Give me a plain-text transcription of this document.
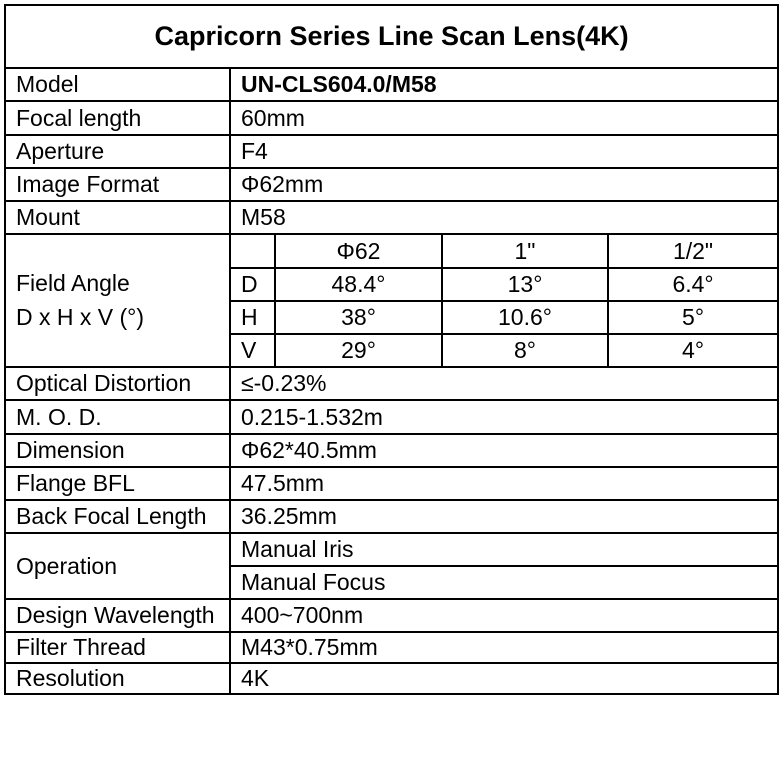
Capricorn Series Line Scan Lens(4K)				
Model	UN-CLS604.0/M58			
Focal length	60mm			
Aperture	F4			
Image Format	Φ62mm			
Mount	M58			
Field Angle
D x H x V (°)		Φ62	1"	1/2"
	D	48.4°	13°	6.4°
	H	38°	10.6°	5°
	V	29°	8°	4°
Optical Distortion	≤-0.23%			
M. O. D.	0.215-1.532m			
Dimension	Φ62*40.5mm			
Flange BFL	47.5mm			
Back Focal Length	36.25mm			
Operation	Manual Iris			
	Manual Focus			
Design Wavelength	400~700nm			
Filter Thread	M43*0.75mm			
Resolution	4K			
